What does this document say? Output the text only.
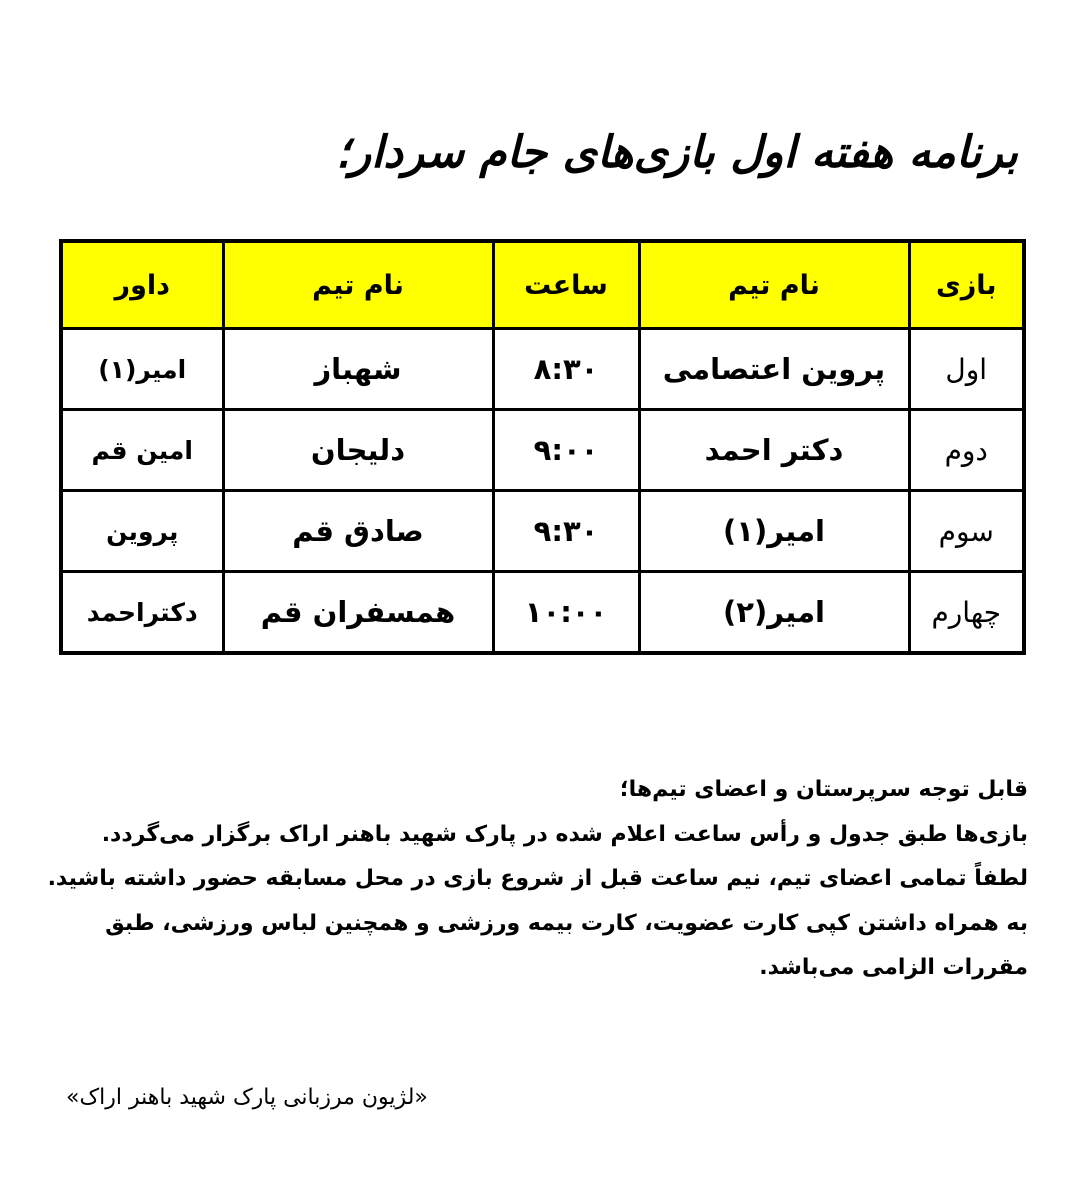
برنامه هفته اول بازی‌های جام سردار؛
بازی	نام تیم	ساعت	نام تیم	داور
اول	پروین اعتصامی	۸:۳۰	شهباز	امیر(۱)
دوم	دکتر احمد	۹:۰۰	دلیجان	امین قم
سوم	امیر(۱)	۹:۳۰	صادق قم	پروین
چهارم	امیر(۲)	۱۰:۰۰	همسفران قم	دکتراحمد
قابل توجه سرپرستان و اعضای تیم‌ها؛
بازی‌ها طبق جدول و رأس ساعت اعلام شده در پارک شهید باهنر اراک برگزار می‌گردد.
لطفاً تمامی اعضای تیم، نیم ساعت قبل از شروع بازی در محل مسابقه حضور داشته باشید.
به همراه داشتن کپی کارت عضویت، کارت بیمه ورزشی و همچنین لباس ورزشی، طبق
مقررات الزامی می‌باشد.
«لژیون مرزبانی پارک شهید باهنر اراک»
